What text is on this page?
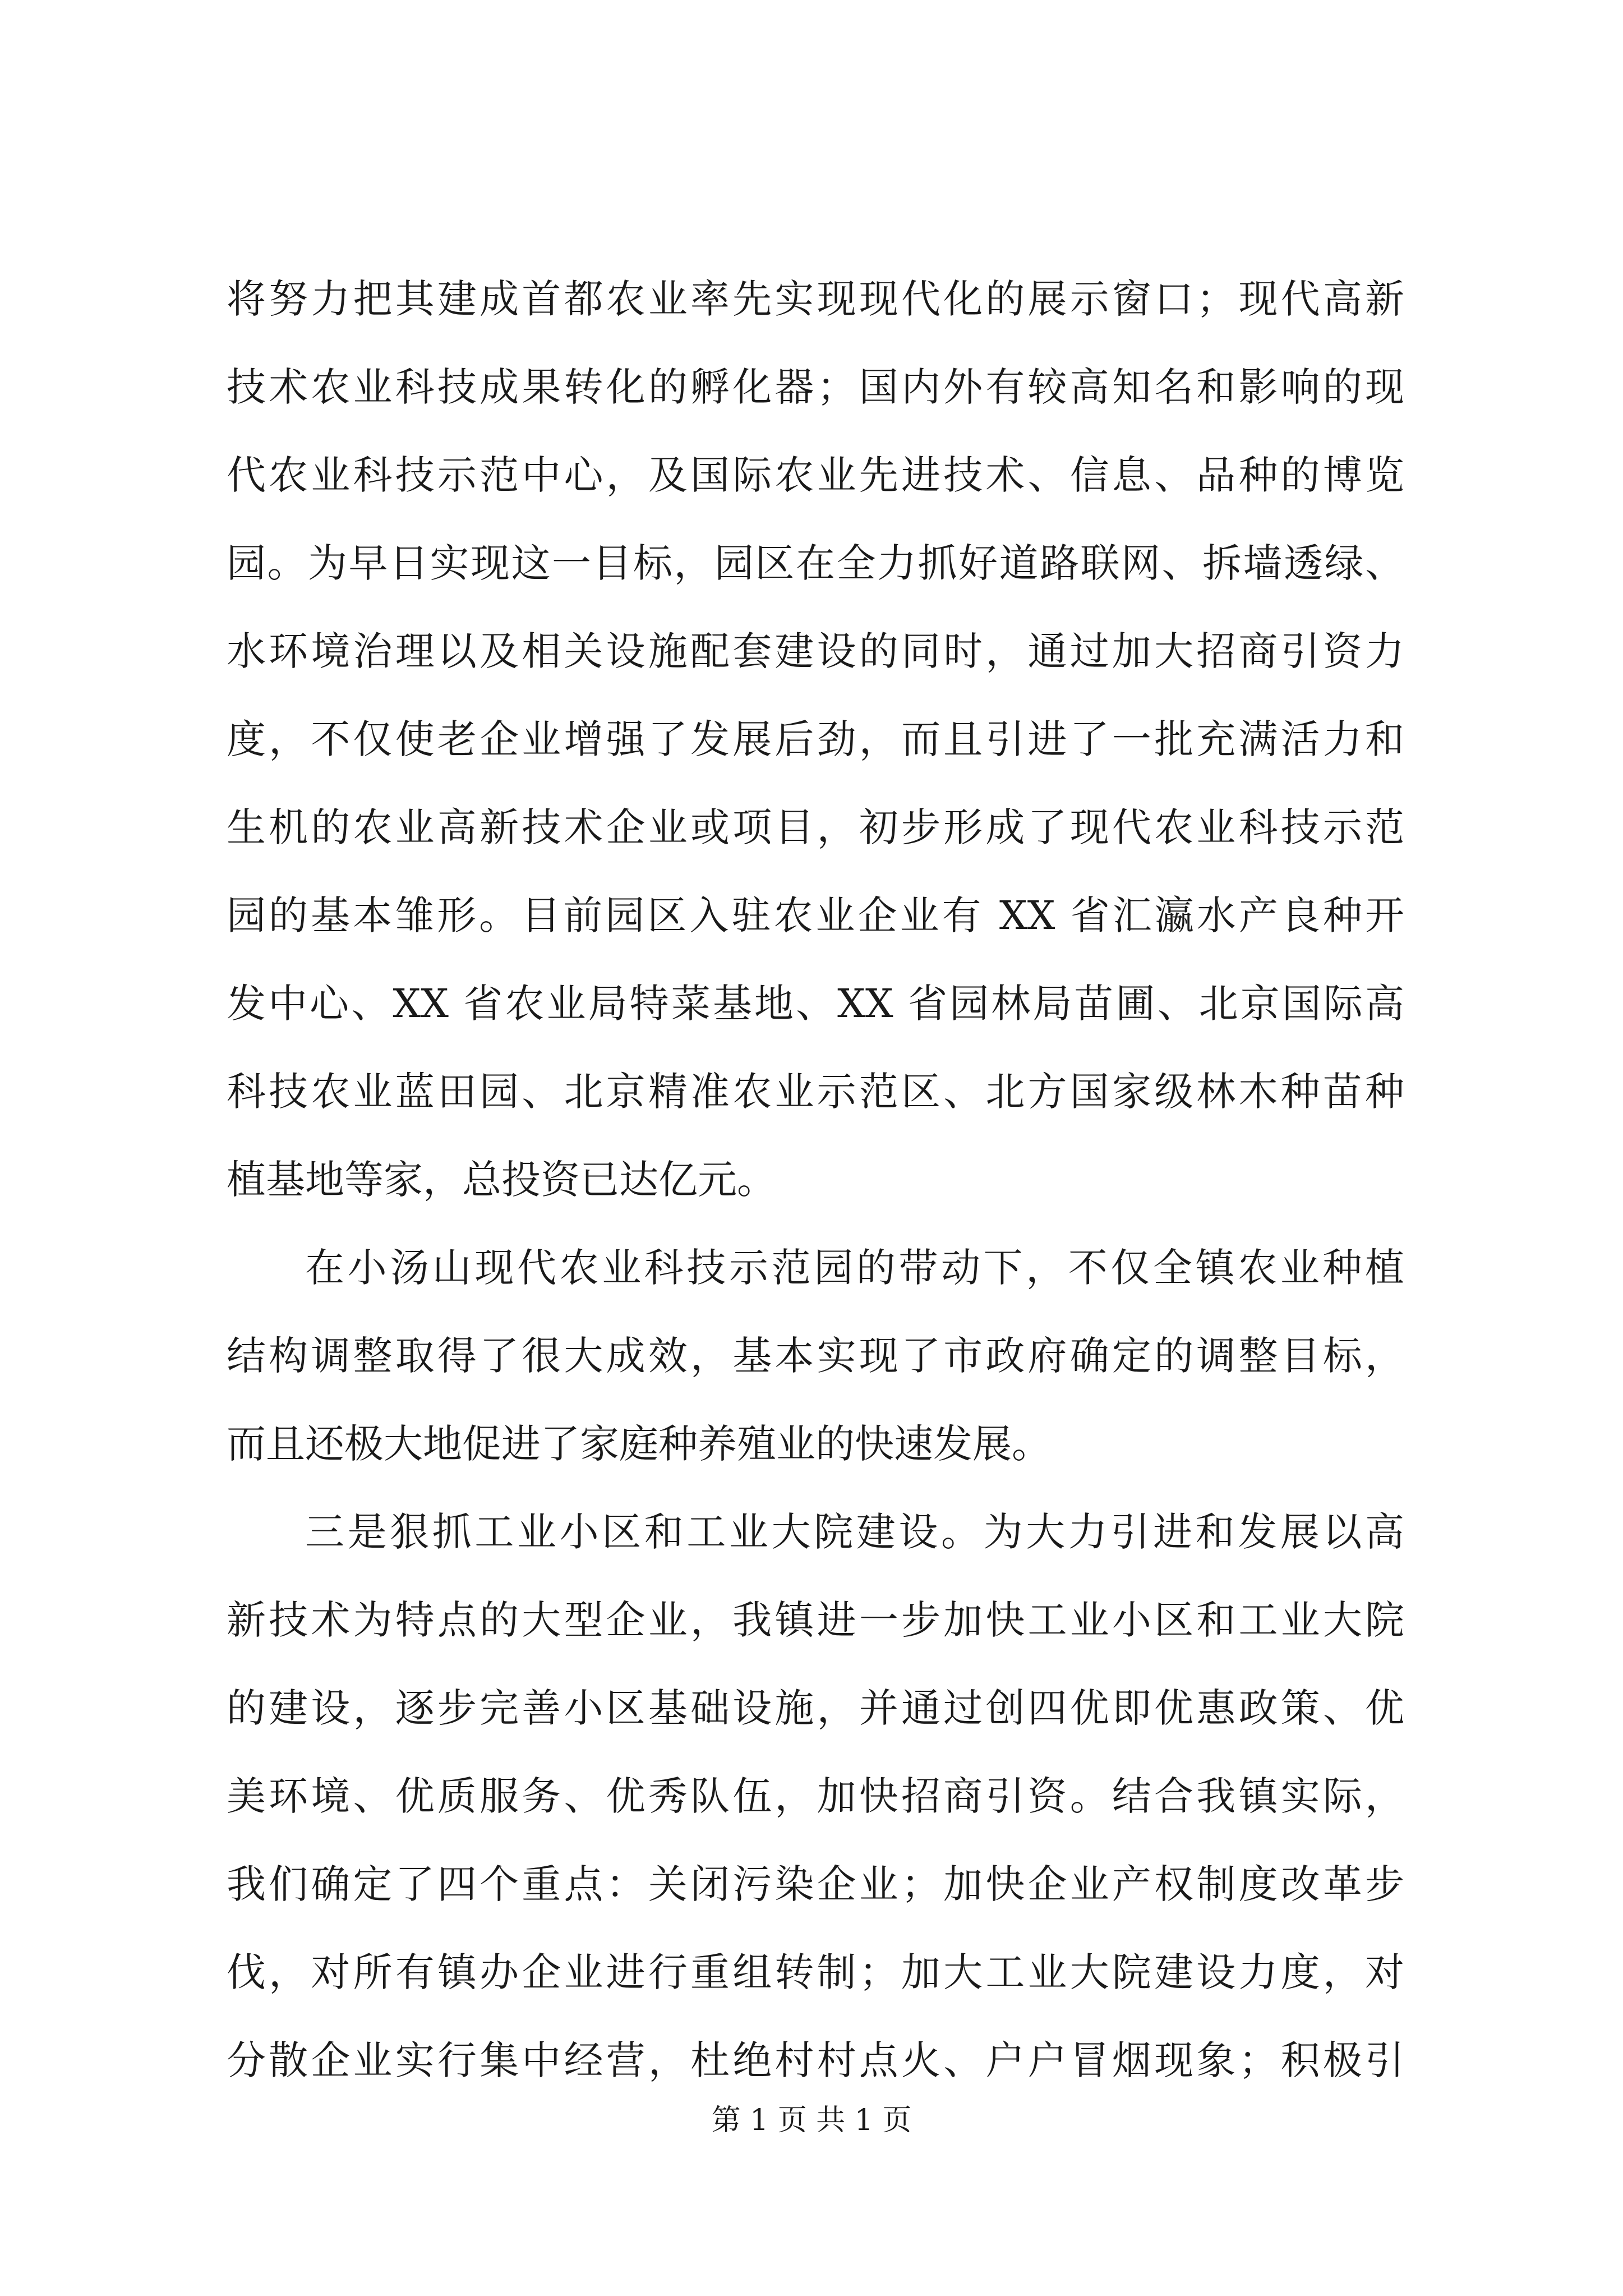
将努力把其建成首都农业率先实现现代化的展示窗口；现代高新
技术农业科技成果转化的孵化器；国内外有较高知名和影响的现
代农业科技示范中心，及国际农业先进技术、信息、品种的博览
园。为早日实现这一目标，园区在全力抓好道路联网、拆墙透绿、
水环境治理以及相关设施配套建设的同时，通过加大招商引资力
度，不仅使老企业增强了发展后劲，而且引进了一批充满活力和
生机的农业高新技术企业或项目，初步形成了现代农业科技示范
园的基本雏形。目前园区入驻农业企业有 XX 省汇瀛水产良种开
发中心、XX 省农业局特菜基地、XX 省园林局苗圃、北京国际高
科技农业蓝田园、北京精准农业示范区、北方国家级林木种苗种
植基地等家，总投资已达亿元。
在小汤山现代农业科技示范园的带动下，不仅全镇农业种植
结构调整取得了很大成效，基本实现了市政府确定的调整目标，
而且还极大地促进了家庭种养殖业的快速发展。
三是狠抓工业小区和工业大院建设。为大力引进和发展以高
新技术为特点的大型企业，我镇进一步加快工业小区和工业大院
的建设，逐步完善小区基础设施，并通过创四优即优惠政策、优
美环境、优质服务、优秀队伍，加快招商引资。结合我镇实际，
我们确定了四个重点：关闭污染企业；加快企业产权制度改革步
伐，对所有镇办企业进行重组转制；加大工业大院建设力度，对
分散企业实行集中经营，杜绝村村点火、户户冒烟现象；积极引
第 1 页 共 1 页
